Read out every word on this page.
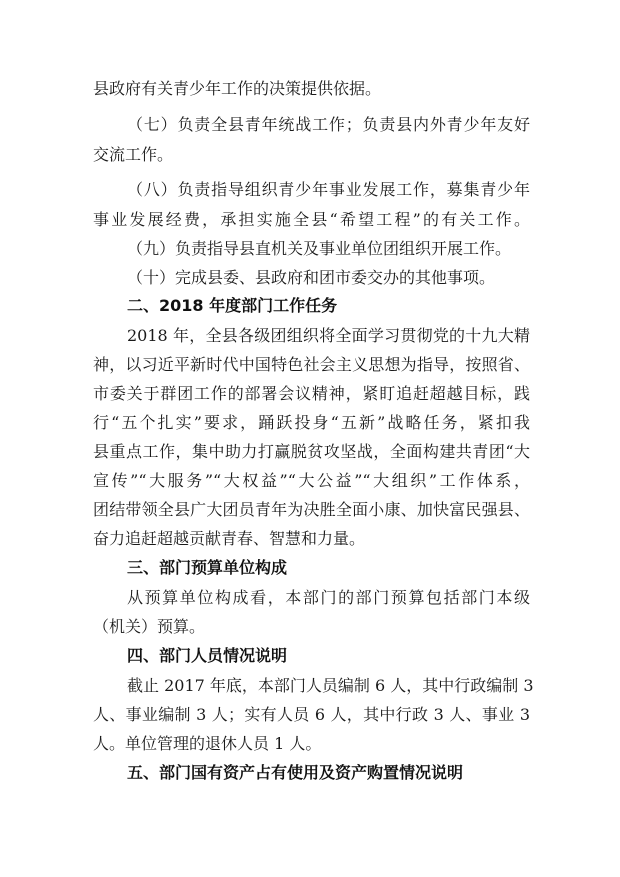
县政府有关青少年工作的决策提供依据。
（七）负责全县青年统战工作；负责县内外青少年友好
交流工作。
（八）负责指导组织青少年事业发展工作，募集青少年
事业发展经费，承担实施全县“希望工程”的有关工作。
（九）负责指导县直机关及事业单位团组织开展工作。
（十）完成县委、县政府和团市委交办的其他事项。
二、2018 年度部门工作任务
2018 年，全县各级团组织将全面学习贯彻党的十九大精
神，以习近平新时代中国特色社会主义思想为指导，按照省、
市委关于群团工作的部署会议精神，紧盯追赶超越目标，践
行“五个扎实”要求，踊跃投身“五新”战略任务，紧扣我
县重点工作，集中助力打赢脱贫攻坚战，全面构建共青团“大
宣传”“大服务”“大权益”“大公益”“大组织”工作体系，
团结带领全县广大团员青年为决胜全面小康、加快富民强县、
奋力追赶超越贡献青春、智慧和力量。
三、部门预算单位构成
从预算单位构成看，本部门的部门预算包括部门本级
（机关）预算。
四、部门人员情况说明
截止 2017 年底，本部门人员编制 6 人，其中行政编制 3
人、事业编制 3 人；实有人员 6 人，其中行政 3 人、事业 3
人。单位管理的退休人员 1 人。
五、部门国有资产占有使用及资产购置情况说明
